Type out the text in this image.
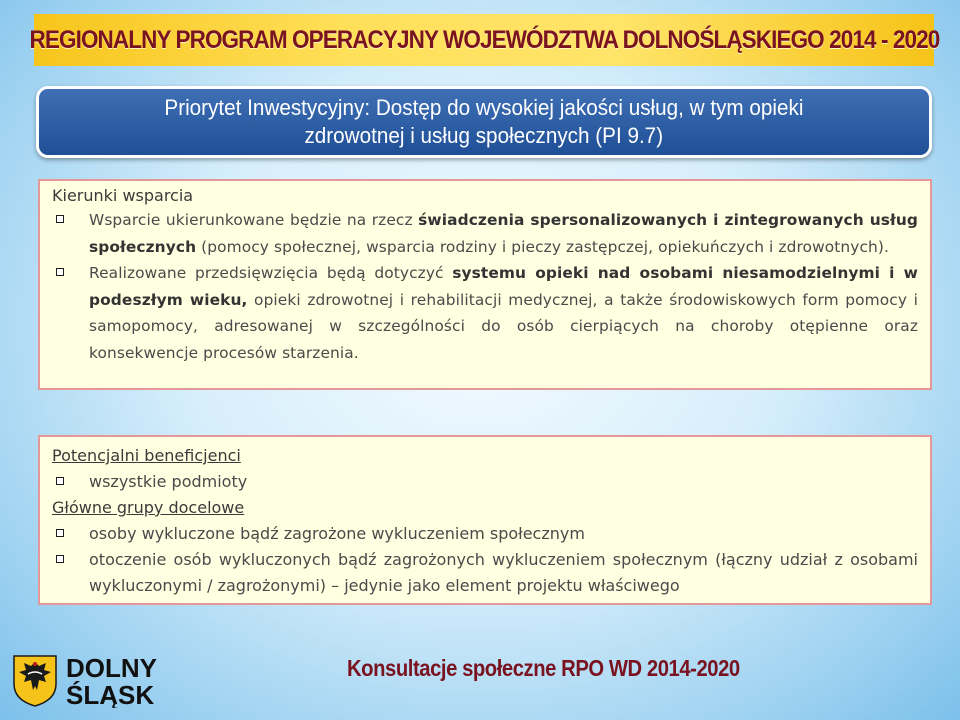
REGIONALNY PROGRAM OPERACYJNY WOJEWÓDZTWA DOLNOŚLĄSKIEGO 2014 - 2020
Priorytet Inwestycyjny: Dostęp do wysokiej jakości usług, w tym opieki
zdrowotnej i usług społecznych (PI 9.7)

Kierunki wsparcia

Wsparcie ukierunkowane będzie na rzecz świadczenia spersonalizowanych i zintegrowanych usług społecznych (pomocy społecznej, wsparcia rodziny i pieczy zastępczej, opiekuńczych i zdrowotnych).

Realizowane przedsięwzięcia będą dotyczyć systemu opieki nad osobami niesamodzielnymi i w podeszłym wieku, opieki zdrowotnej i rehabilitacji medycznej, a także środowiskowych form pomocy i samopomocy, adresowanej w szczególności do osób cierpiących na choroby otępienne oraz konsekwencje procesów starzenia.

Potencjalni beneficjenci

wszystkie podmioty

Główne grupy docelowe

osoby wykluczone bądź zagrożone wykluczeniem społecznym

otoczenie osób wykluczonych bądź zagrożonych wykluczeniem społecznym (łączny udział z osobami wykluczonymi / zagrożonymi) – jedynie jako element projektu właściwego

DOLNY
ŚLĄSK
Konsultacje społeczne RPO WD 2014-2020
